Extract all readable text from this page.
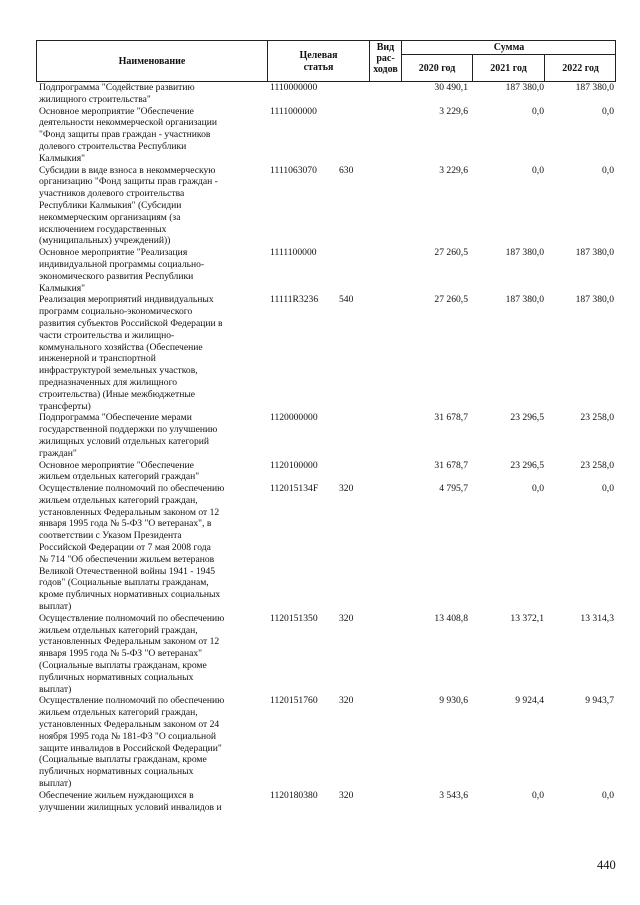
Наименование
Целевая
статья
Вид
рас-
ходов
Сумма
2020 год	2021 год	2022 год
Подпрограмма "Содействие развитию
жилищного строительства"
1110000000	30 490,1	187 380,0	187 380,0
Основное мероприятие "Обеспечение
деятельности некоммерческой организации
"Фонд защиты прав граждан - участников
долевого строительства Республики
Калмыкия"
1111000000	3 229,6	0,0	0,0
Субсидии в виде взноса в некоммерческую
организацию "Фонд защиты прав граждан -
участников долевого строительства
Республики Калмыкия" (Субсидии
некоммерческим организациям (за
исключением государственных
(муниципальных) учреждений))
1111063070 630	3 229,6	0,0	0,0
Основное мероприятие "Реализация
индивидуальной программы социально-
экономического развития Республики
Калмыкия"
1111100000	27 260,5	187 380,0	187 380,0
Реализация мероприятий индивидуальных
программ социально-экономического
развития субъектов Российской Федерации в
части строительства и жилищно-
коммунального хозяйства (Обеспечение
инженерной и транспортной
инфраструктурой земельных участков,
предназначенных для жилищного
строительства) (Иные межбюджетные
трансферты)
11111R3236 540	27 260,5	187 380,0	187 380,0
Подпрограмма "Обеспечение мерами
государственной поддержки по улучшению
жилищных условий отдельных категорий
граждан"
1120000000	31 678,7	23 296,5	23 258,0
Основное мероприятие "Обеспечение
жильем отдельных категорий граждан"
1120100000	31 678,7	23 296,5	23 258,0
Осуществление полномочий по обеспечению
жильем отдельных категорий граждан,
установленных Федеральным законом от 12
января 1995 года № 5-ФЗ "О ветеранах", в
соответствии с Указом Президента
Российской Федерации от 7 мая 2008 года
№ 714 "Об обеспечении жильем ветеранов
Великой Отечественной войны 1941 - 1945
годов" (Социальные выплаты гражданам,
кроме публичных нормативных социальных
выплат)
112015134F 320	4 795,7	0,0	0,0
Осуществление полномочий по обеспечению
жильем отдельных категорий граждан,
установленных Федеральным законом от 12
января 1995 года № 5-ФЗ "О ветеранах"
(Социальные выплаты гражданам, кроме
публичных нормативных социальных
выплат)
1120151350 320	13 408,8	13 372,1	13 314,3
Осуществление полномочий по обеспечению
жильем отдельных категорий граждан,
установленных Федеральным законом от 24
ноября 1995 года № 181-ФЗ "О социальной
защите инвалидов в Российской Федерации"
(Социальные выплаты гражданам, кроме
публичных нормативных социальных
выплат)
1120151760 320	9 930,6	9 924,4	9 943,7
Обеспечение жильем нуждающихся в
улучшении жилищных условий инвалидов и
1120180380 320	3 543,6	0,0	0,0
440
